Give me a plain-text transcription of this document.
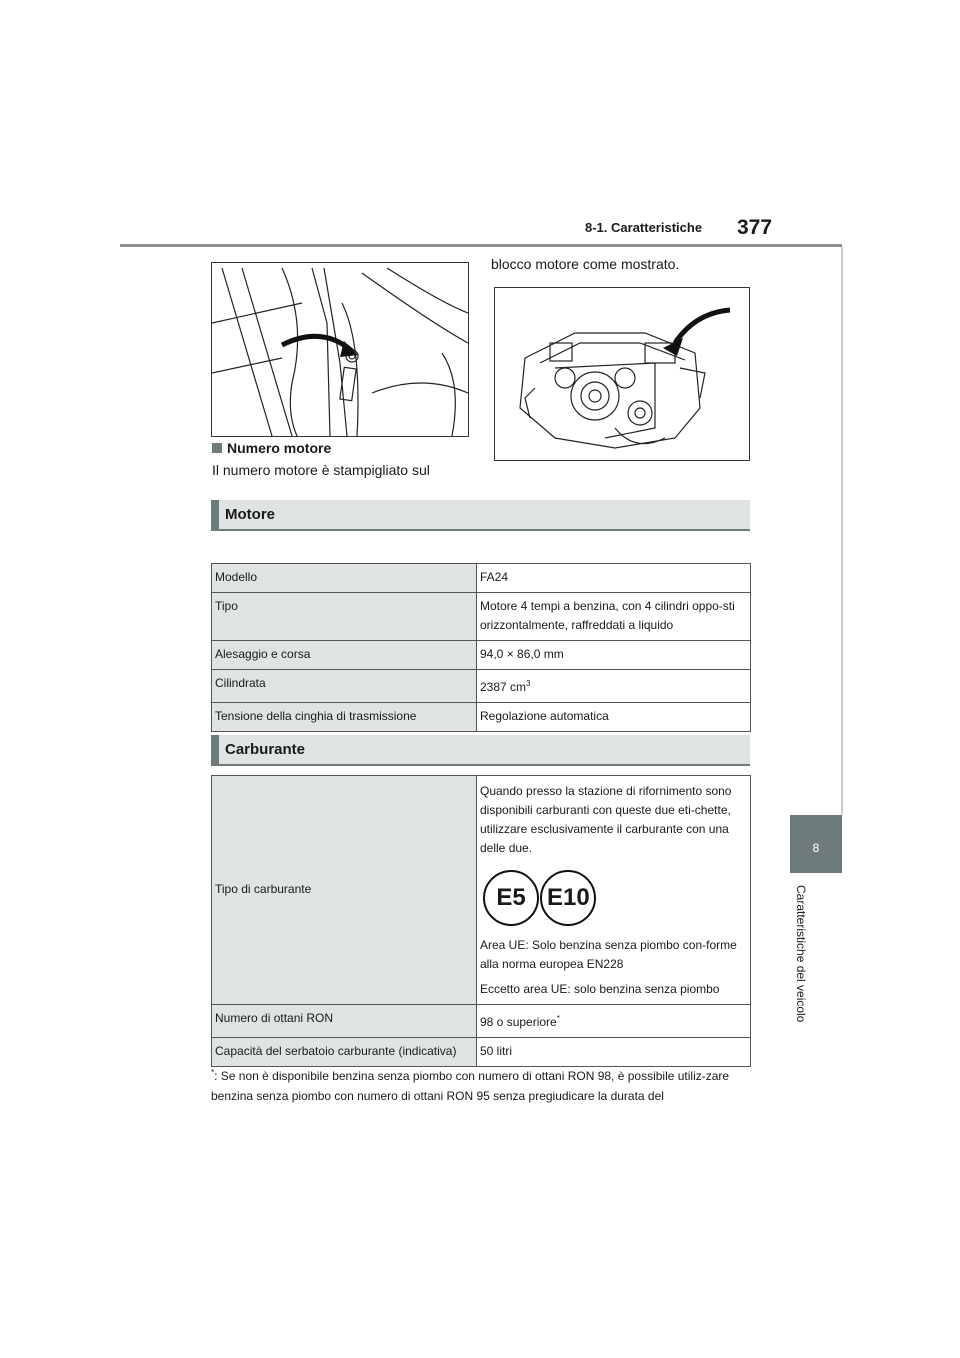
8-1. Caratteristiche 377
8
Caratteristiche del veicolo
blocco motore come mostrato.
Numero motore
Il numero motore è stampigliato sul
Motore
Modello	FA24
Tipo	Motore 4 tempi a benzina, con 4 cilindri oppo-sti orizzontalmente, raffreddati a liquido
Alesaggio e corsa	94,0 × 86,0 mm
Cilindrata	2387 $cm^3$
Tensione della cinghia di trasmissione	Regolazione automatica
Carburante
Tipo di carburante	Quando presso la stazione di rifornimento sono disponibili carburanti con queste due eti-chette, utilizzare esclusivamente il carburante con una delle due.
E5 E10
Area UE: Solo benzina senza piombo con-forme alla norma europea EN228
Eccetto area UE: solo benzina senza piombo

Numero di ottani RON	98 o superiore*
Capacità del serbatoio carburante (indicativa)	50 litri
*: Se non è disponibile benzina senza piombo con numero di ottani RON 98, è possibile utiliz-zare benzina senza piombo con numero di ottani RON 95 senza pregiudicare la durata del
